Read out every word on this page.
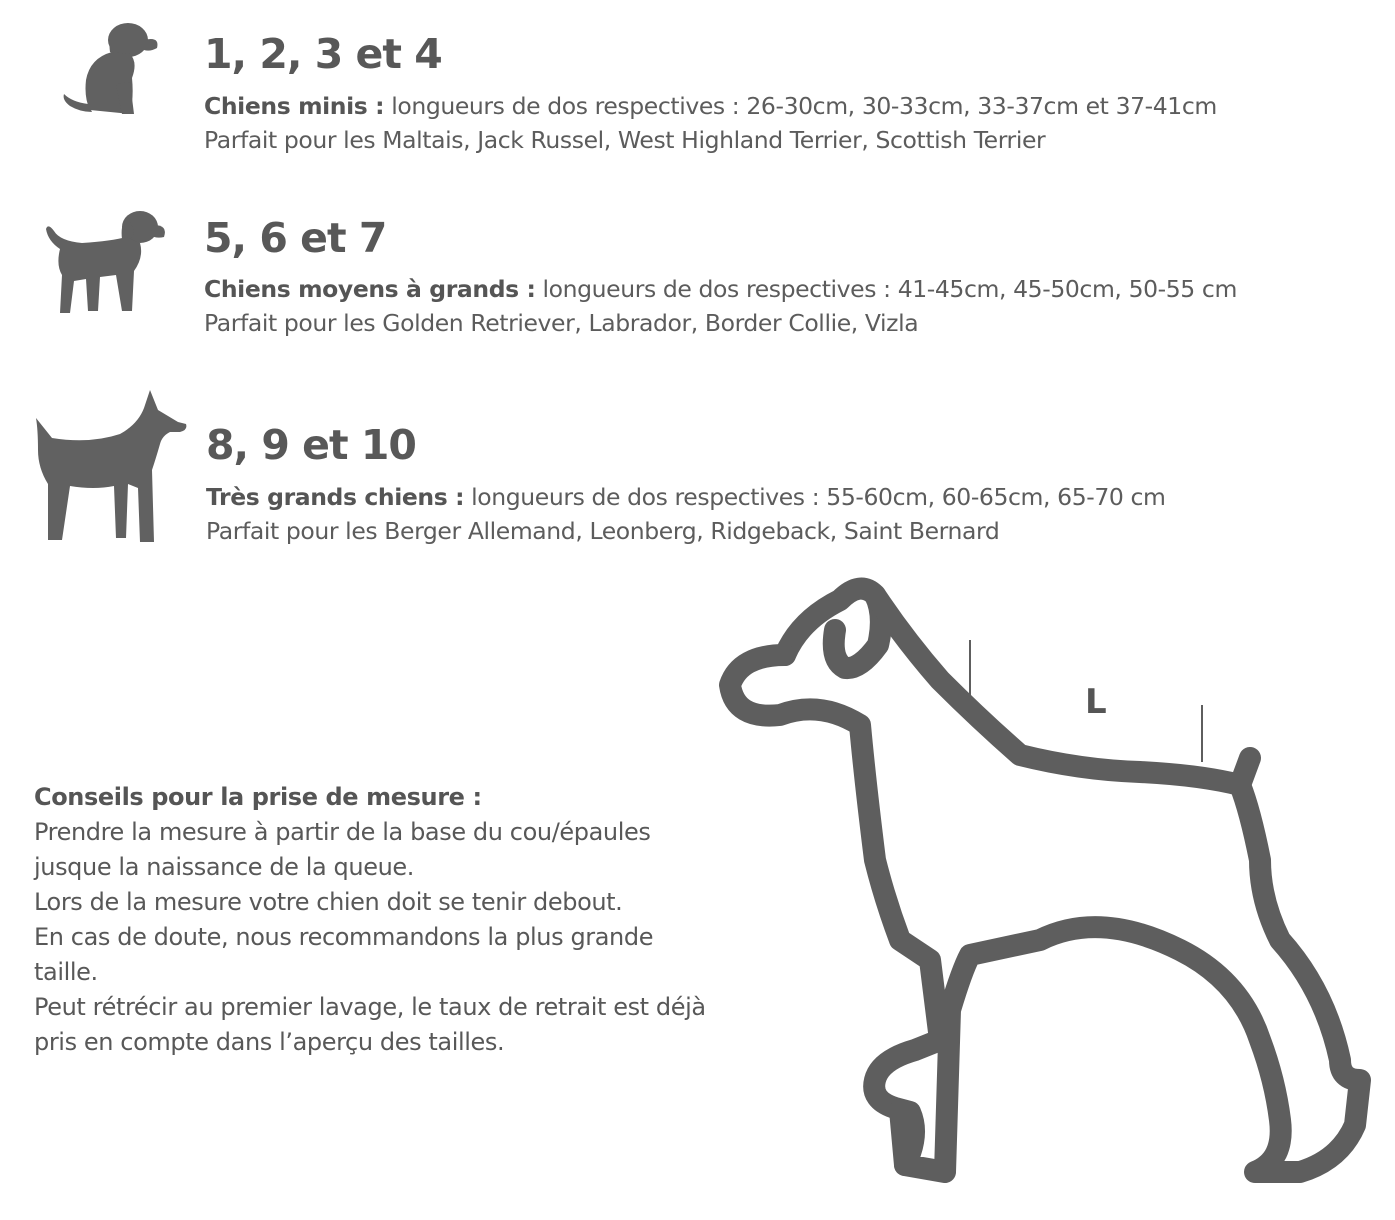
1, 2, 3 et 4
Chiens minis : longueurs de dos respectives : 26-30cm, 30-33cm, 33-37cm et 37-41cm
Parfait pour les Maltais, Jack Russel, West Highland Terrier, Scottish Terrier
5, 6 et 7
Chiens moyens à grands : longueurs de dos respectives : 41-45cm, 45-50cm, 50-55 cm
Parfait pour les Golden Retriever, Labrador, Border Collie, Vizla
8, 9 et 10
Très grands chiens : longueurs de dos respectives : 55-60cm, 60-65cm, 65-70 cm
Parfait pour les Berger Allemand, Leonberg, Ridgeback, Saint Bernard
Conseils pour la prise de mesure :
Prendre la mesure à partir de la base du cou/épaules
jusque la naissance de la queue.
Lors de la mesure votre chien doit se tenir debout.
En cas de doute, nous recommandons la plus grande
taille.
Peut rétrécir au premier lavage, le taux de retrait est déjà
pris en compte dans l’aperçu des tailles.
L
